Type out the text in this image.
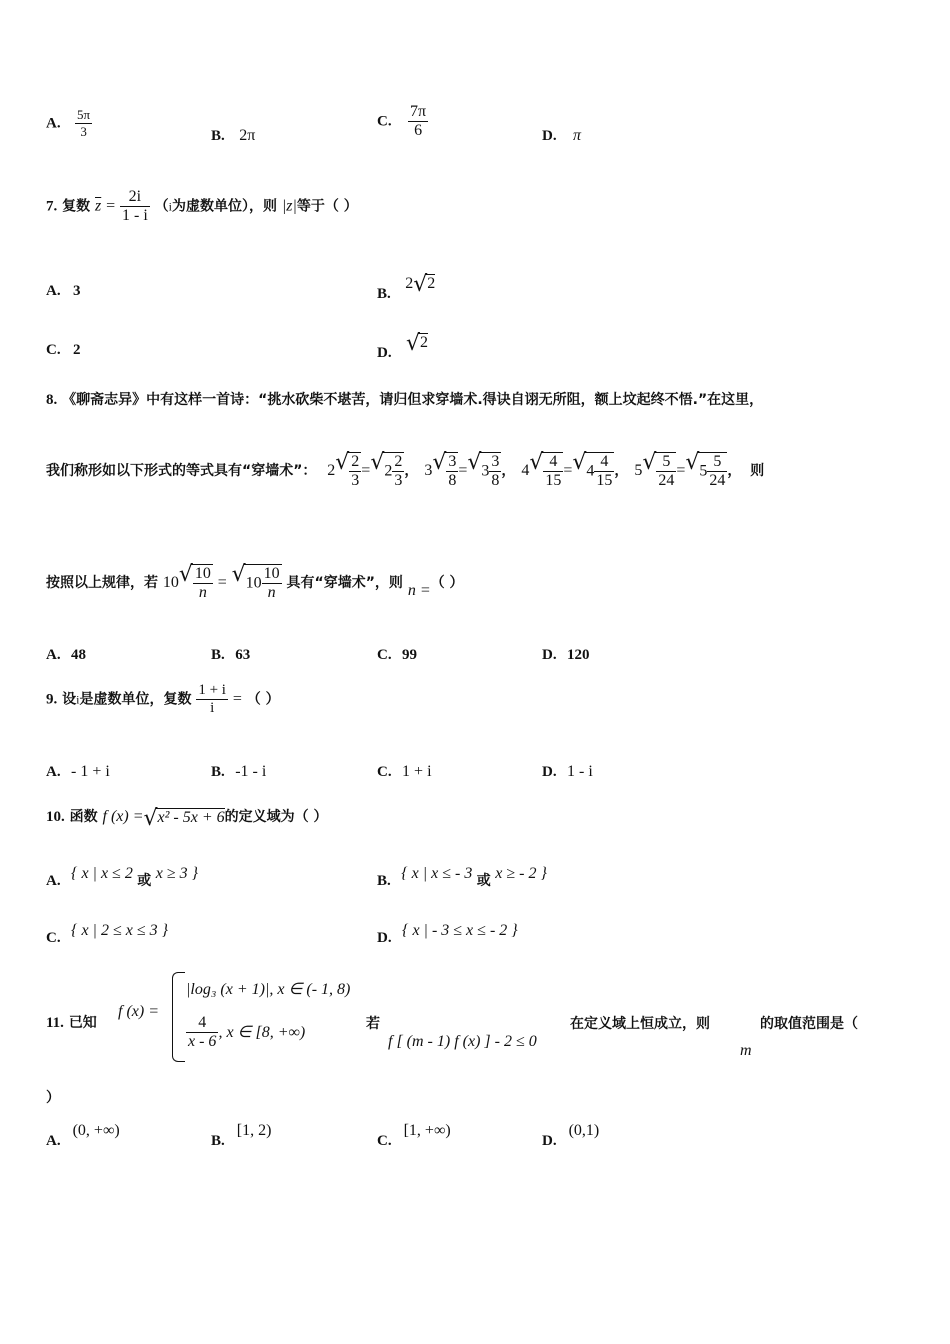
A. $\frac{5\pi}{3}$	B. 2π
C. $\frac{7\pi}{6}$	D. π
7. 复数 $\overline{z} = \frac{2i}{1 - i} (i$为虚数单位），则 |z|等于（ ）
A. 3	B. 2 √ 2
C. 2	D. √ 2
8. 《聊斋志异》中有这样一首诗：“挑水砍柴不堪苦，请归但求穿墙术.得诀自诩无所阻，额上坟起终不悟.”在这里，
我们称形如以下形式的等式具有“穿墙术”： 2 √ $\frac{2}{3}$ = √ $2 \frac{2}{3}$ ， 3 √ $\frac{3}{8}$ = √ $3 \frac{3}{8}$ ， 4 √ $\frac{4}{15}$ = √ $4 \frac{4}{15}$ ， 5 √ $\frac{5}{24}$ = √ $5 \frac{5}{24}$ ， 则
按照以上规律，若 10 √ $\frac{10}{n}$ = √ $10 \frac{10}{n}$ 具有“穿墙术”，则 n =（ ）
A. 48	B. 63	C. 99	D. 120
9. 设i是虚数单位，复数 $\frac{1 + i}{i}$ = （ ）
A. - 1 + i	B. -1 - i	C. 1 + i	D. 1 - i
10. 函数 f (x) = √ x² - 5x + 6的定义域为（ ）
A. { x | x ≤ 2 或 x ≥ 3 }	B. { x | x ≤ - 3 或 x ≥ - 2 }
C. { x | 2 ≤ x ≤ 3 }	D. { x | - 3 ≤ x ≤ - 2 }
11. 已知
f (x) =
|log₃ (x + 1)|, x ∈ (- 1, 8)
$\frac{4}{x - 6}$ , x ∈ [8, +∞)	若
f [ (m - 1) f (x) ] - 2 ≤ 0
在定义域上恒成立，则
m
的取值范围是（
）
A.(0, +∞)
B.[1, 2)
C.[1, +∞)
D.(0,1)
